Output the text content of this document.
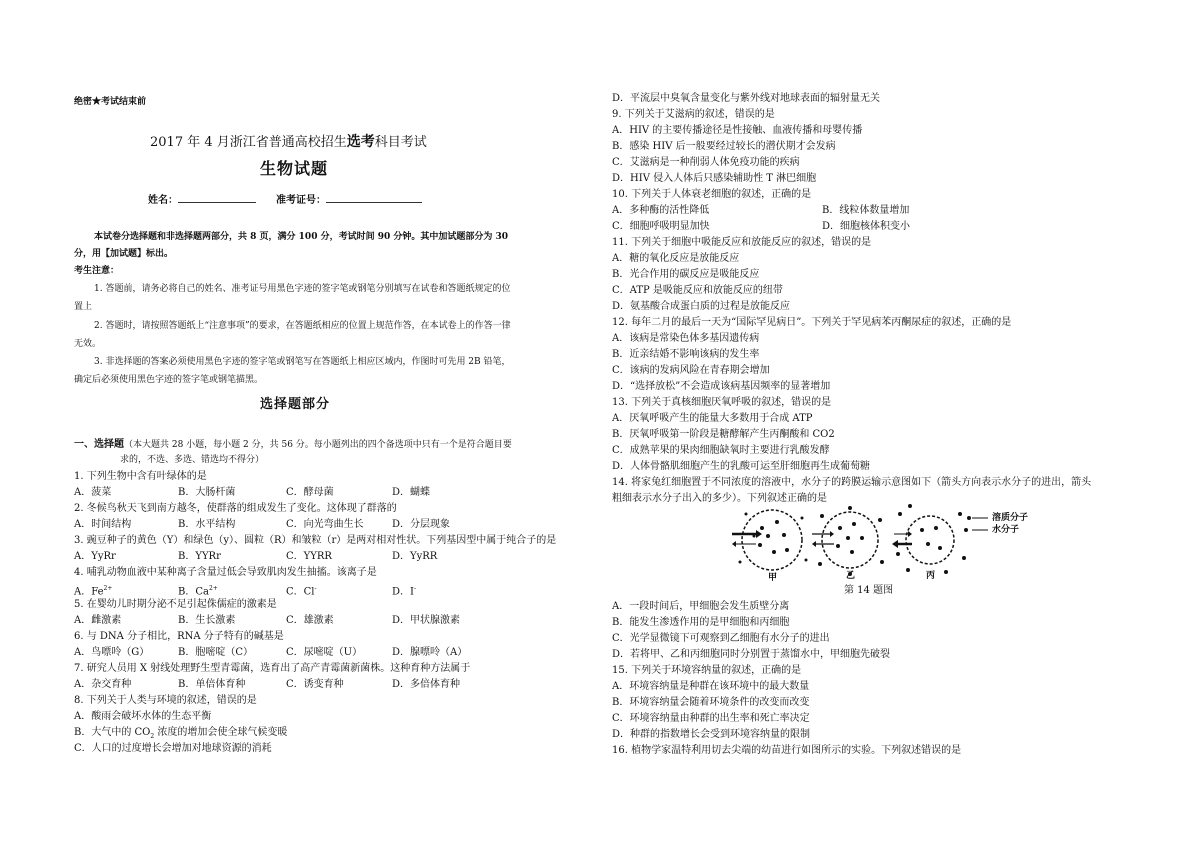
绝密★考试结束前
2017 年 4 月浙江省普通高校招生选考科目考试
生物试题
姓名：	准考证号：
本试卷分选择题和非选择题两部分，共 8 页，满分 100 分，考试时间 90 分钟。其中加试题部分为 30
分，用【加试题】标出。
考生注意：
1. 答题前，请务必将自己的姓名、准考证号用黑色字迹的签字笔或钢笔分别填写在试卷和答题纸规定的位
置上
2. 答题时，请按照答题纸上“注意事项”的要求，在答题纸相应的位置上规范作答，在本试卷上的作答一律
无效。
3. 非选择题的答案必须使用黑色字迹的签字笔或钢笔写在答题纸上相应区域内，作图时可先用 2B 铅笔，
确定后必须使用黑色字迹的签字笔或钢笔描黑。
选择题部分
一、选择题（本大题共 28 小题，每小题 2 分，共 56 分。每小题列出的四个备选项中只有一个是符合题目要
求的，不选、多选、错选均不得分）
1. 下列生物中含有叶绿体的是
A．菠菜	B．大肠杆菌	C．酵母菌	D．蝴蝶
2. 冬候鸟秋天飞到南方越冬，使群落的组成发生了变化。这体现了群落的
A．时间结构	B．水平结构	C．向光弯曲生长	D．分层现象
3. 豌豆种子的黄色（Y）和绿色（y）、圆粒（R）和皱粒（r）是两对相对性状。下列基因型中属于纯合子的是
A．YyRr	B．YYRr	C．YYRR	D．YyRR
4. 哺乳动物血液中某种离子含量过低会导致肌肉发生抽搐。该离子是
A．$Fe^{2+}$	B．$Ca^{2+}$	C．Cl-	D．I-
5. 在婴幼儿时期分泌不足引起侏儒症的激素是
A．雌激素	B．生长激素	C．雄激素	D．甲状腺激素
6. 与 DNA 分子相比，RNA 分子特有的碱基是
A．鸟嘌呤（G）	B．胞嘧啶（C）	C．尿嘧啶（U）	D．腺嘌呤（A）
7. 研究人员用 X 射线处理野生型青霉菌，选育出了高产青霉菌新菌株。这种育种方法属于
A．杂交育种	B．单倍体育种	C．诱变育种	D．多倍体育种
8. 下列关于人类与环境的叙述，错误的是
A．酸雨会破坏水体的生态平衡
B．大气中的 $CO_2$ 浓度的增加会使全球气候变暖
C．人口的过度增长会增加对地球资源的消耗
D．平流层中臭氧含量变化与紫外线对地球表面的辐射量无关
9. 下列关于艾滋病的叙述，错误的是
A．HIV 的主要传播途径是性接触、血液传播和母婴传播
B．感染 HIV 后一般要经过较长的潜伏期才会发病
C．艾滋病是一种削弱人体免疫功能的疾病
D．HIV 侵入人体后只感染辅助性 T 淋巴细胞
10. 下列关于人体衰老细胞的叙述，正确的是
A．多种酶的活性降低	B．线粒体数量增加
C．细胞呼吸明显加快	D．细胞核体积变小
11. 下列关于细胞中吸能反应和放能反应的叙述，错误的是
A．糖的氧化反应是放能反应
B．光合作用的碳反应是吸能反应
C．ATP 是吸能反应和放能反应的纽带
D．氨基酸合成蛋白质的过程是放能反应
12. 每年二月的最后一天为“国际罕见病日”。下列关于罕见病苯丙酮尿症的叙述，正确的是
A．该病是常染色体多基因遗传病
B．近亲结婚不影响该病的发生率
C．该病的发病风险在青春期会增加
D．“选择放松”不会造成该病基因频率的显著增加
13. 下列关于真核细胞厌氧呼吸的叙述，错误的是
A．厌氧呼吸产生的能量大多数用于合成 ATP
B．厌氧呼吸第一阶段是糖酵解产生丙酮酸和 CO2
C．成熟苹果的果肉细胞缺氧时主要进行乳酸发酵
D．人体骨骼肌细胞产生的乳酸可运至肝细胞再生成葡萄糖
14. 将家兔红细胞置于不同浓度的溶液中，水分子的跨膜运输示意图如下（箭头方向表示水分子的进出，箭头
粗细表示水分子出入的多少）。下列叙述正确的是
溶质分子
水分子
甲	乙	丙
第 14 题图
A．一段时间后，甲细胞会发生质壁分离
B．能发生渗透作用的是甲细胞和丙细胞
C．光学显微镜下可观察到乙细胞有水分子的进出
D．若将甲、乙和丙细胞同时分别置于蒸馏水中，甲细胞先破裂
15. 下列关于环境容纳量的叙述，正确的是
A．环境容纳量是种群在该环境中的最大数量
B．环境容纳量会随着环境条件的改变而改变
C．环境容纳量由种群的出生率和死亡率决定
D．种群的指数增长会受到环境容纳量的限制
16. 植物学家温特利用切去尖端的幼苗进行如图所示的实验。下列叙述错误的是
